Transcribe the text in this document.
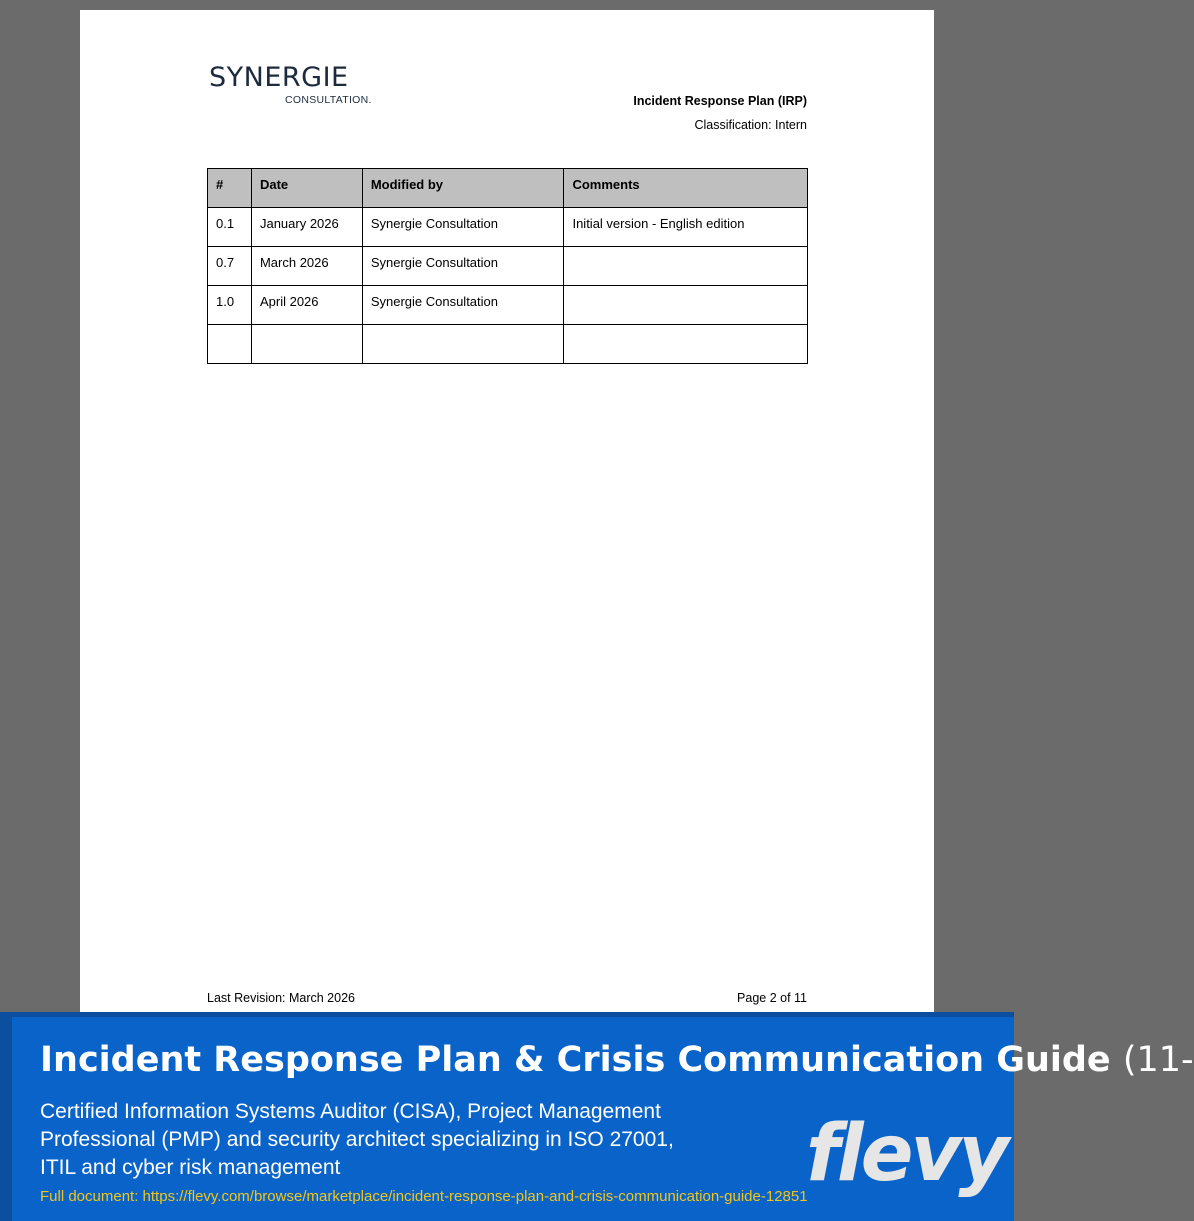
SYNERGIE
CONSULTATION.	Incident Response Plan (IRP)
Classification: Intern
#	Date	Modified by	Comments
0.1	January 2026	Synergie Consultation	Initial version - English edition
0.7	March 2026	Synergie Consultation	
1.0	April 2026	Synergie Consultation	

Last Revision: March 2026	Page 2 of 11
Incident Response Plan & Crisis Communication Guide (11-
Certified Information Systems Auditor (CISA), Project Management Professional (PMP) and security architect specializing in ISO 27001, ITIL and cyber risk management
Full document: https://flevy.com/browse/marketplace/incident-response-plan-and-crisis-communication-guide-12851
flevy
